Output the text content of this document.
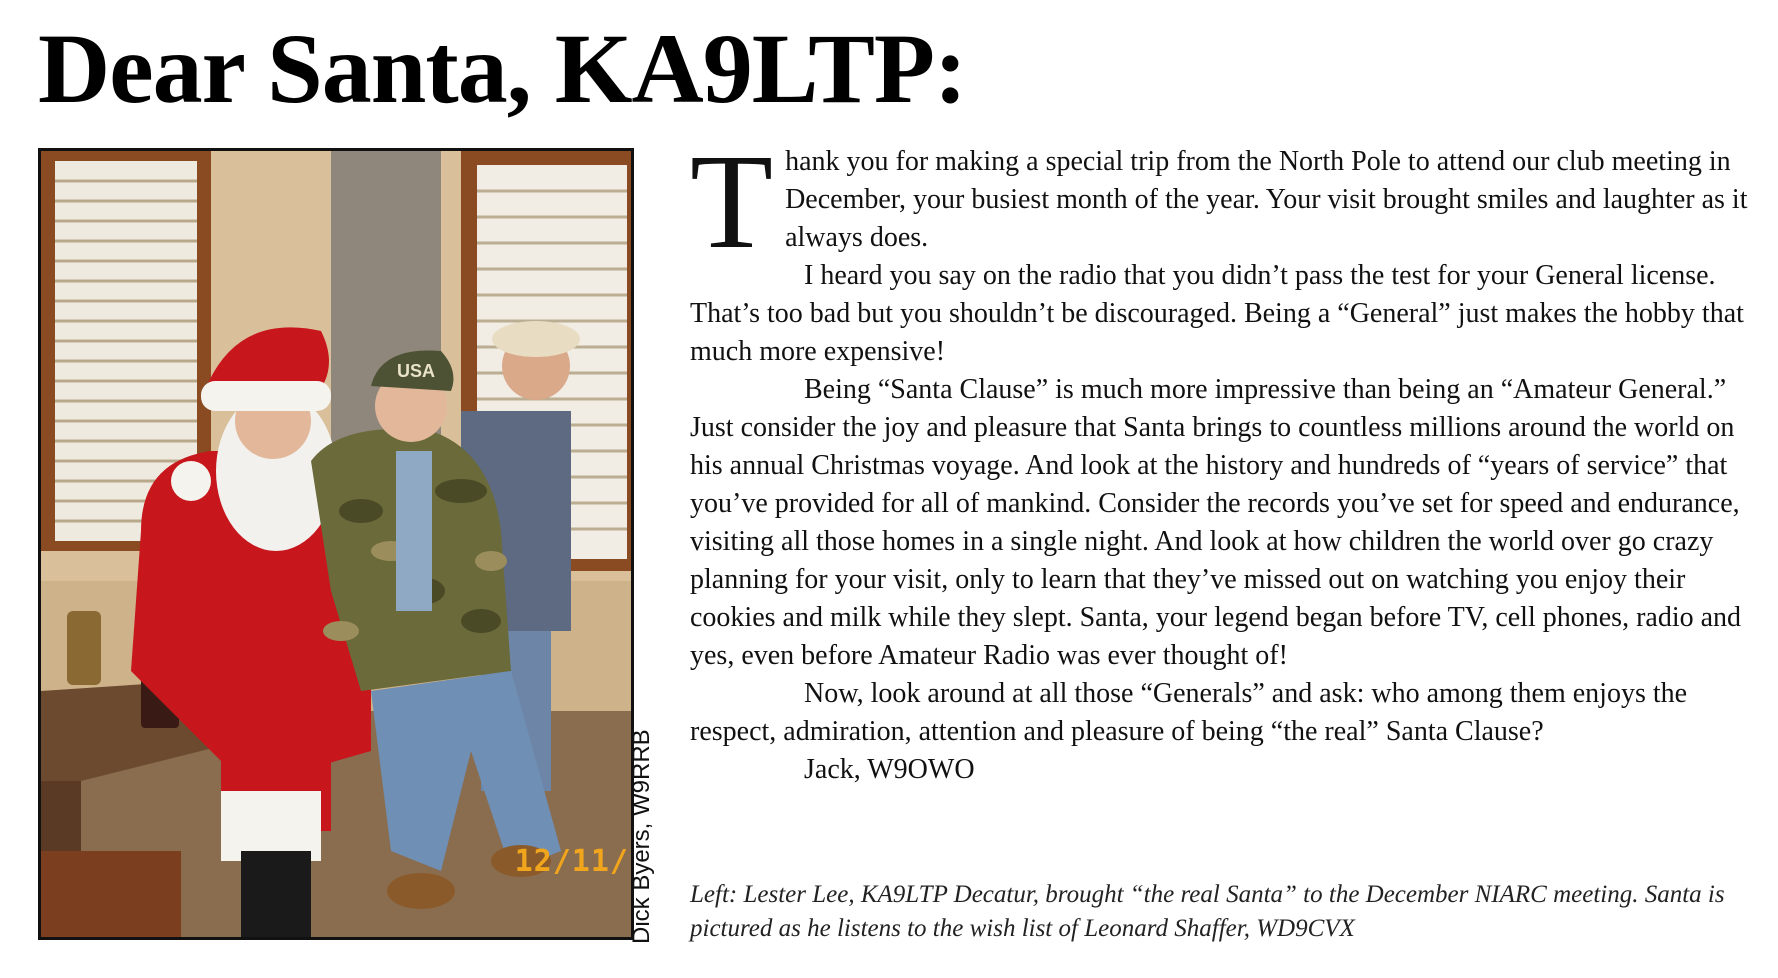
Dear Santa, KA9LTP:
USA
12/11/ Dick Byers, W9RRB

Thank you for making a special trip from the North Pole to attend our club meeting in December, your busiest month of the year. Your visit brought smiles and laughter as it always does.

I heard you say on the radio that you didn’t pass the test for your General license. That’s too bad but you shouldn’t be discouraged. Being a “General” just makes the hobby that much more expensive!

Being “Santa Clause” is much more impressive than being an “Amateur General.” Just consider the joy and pleasure that Santa brings to countless millions around the world on his annual Christmas voyage. And look at the history and hundreds of “years of service” that you’ve provided for all of mankind. Consider the records you’ve set for speed and endurance, visiting all those homes in a single night. And look at how children the world over go crazy planning for your visit, only to learn that they’ve missed out on watching you enjoy their cookies and milk while they slept. Santa, your legend began before TV, cell phones, radio and yes, even before Amateur Radio was ever thought of!

Now, look around at all those “Generals” and ask: who among them enjoys the respect, admiration, attention and pleasure of being “the real” Santa Clause?

Jack, W9OWO

Left: Lester Lee, KA9LTP Decatur, brought “the real Santa” to the December NIARC meeting. Santa is pictured as he listens to the wish list of Leonard Shaffer, WD9CVX
